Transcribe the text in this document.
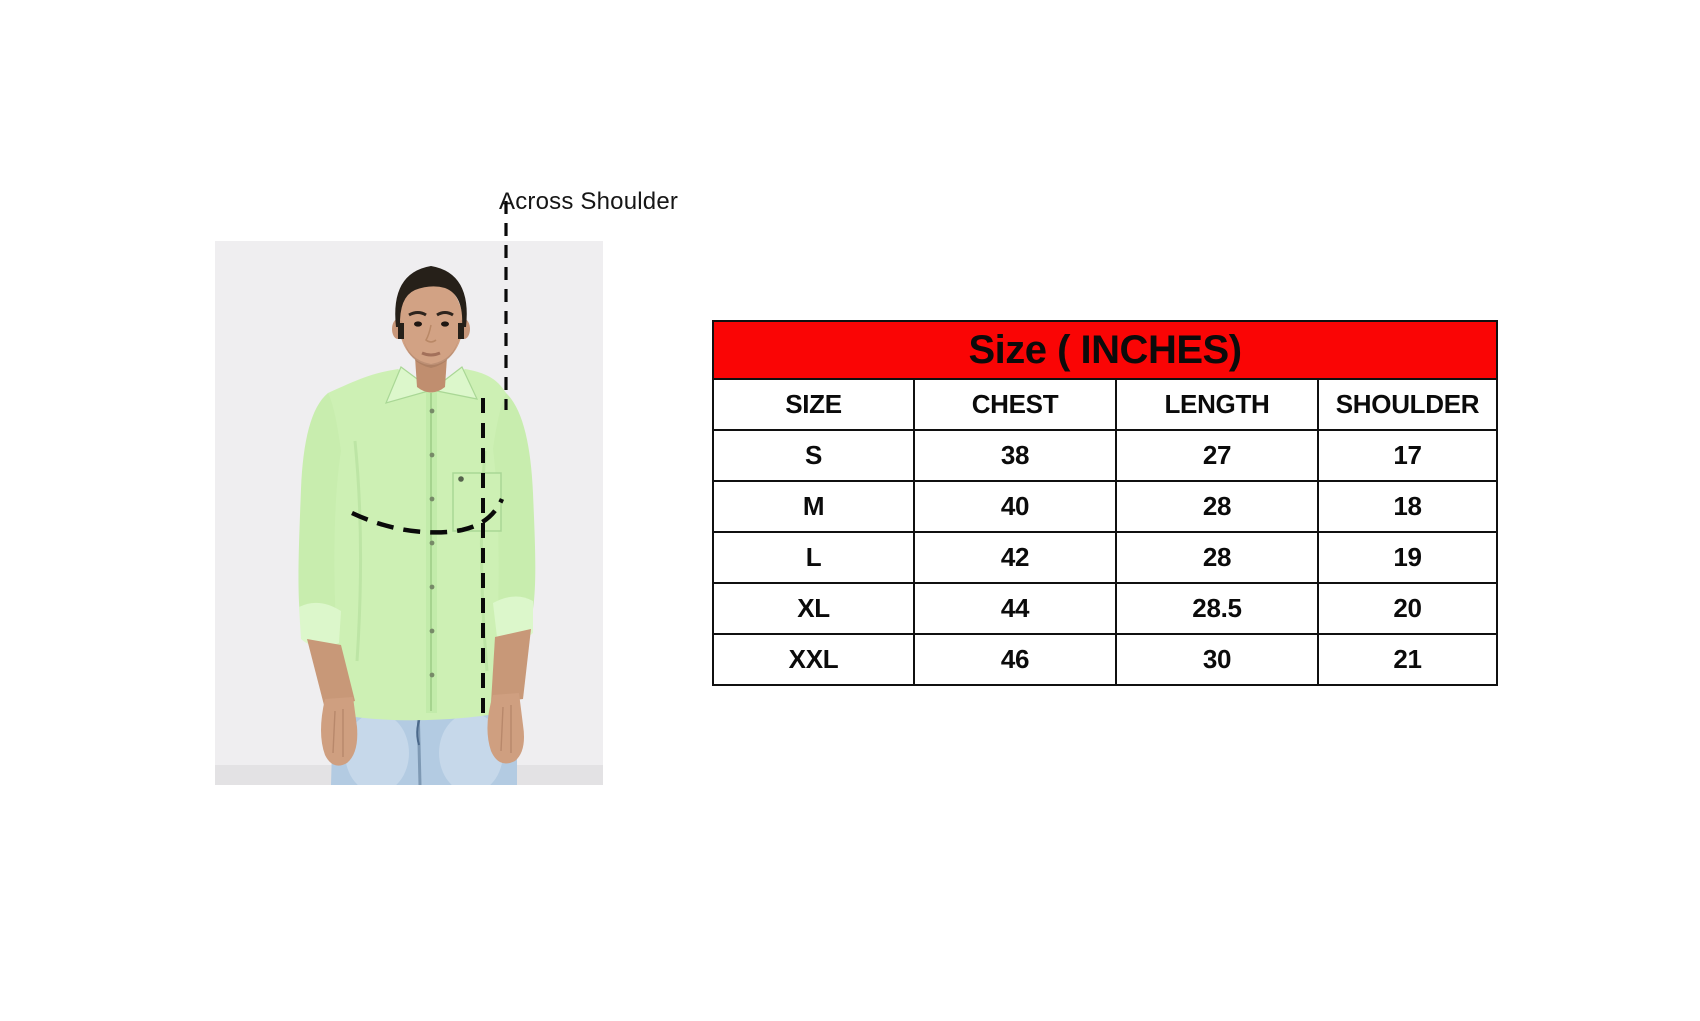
Across Shoulder
Size ( INCHES)
SIZE	CHEST	LENGTH	SHOULDER
S	38	27	17
M	40	28	18
L	42	28	19
XL	44	28.5	20
XXL	46	30	21
